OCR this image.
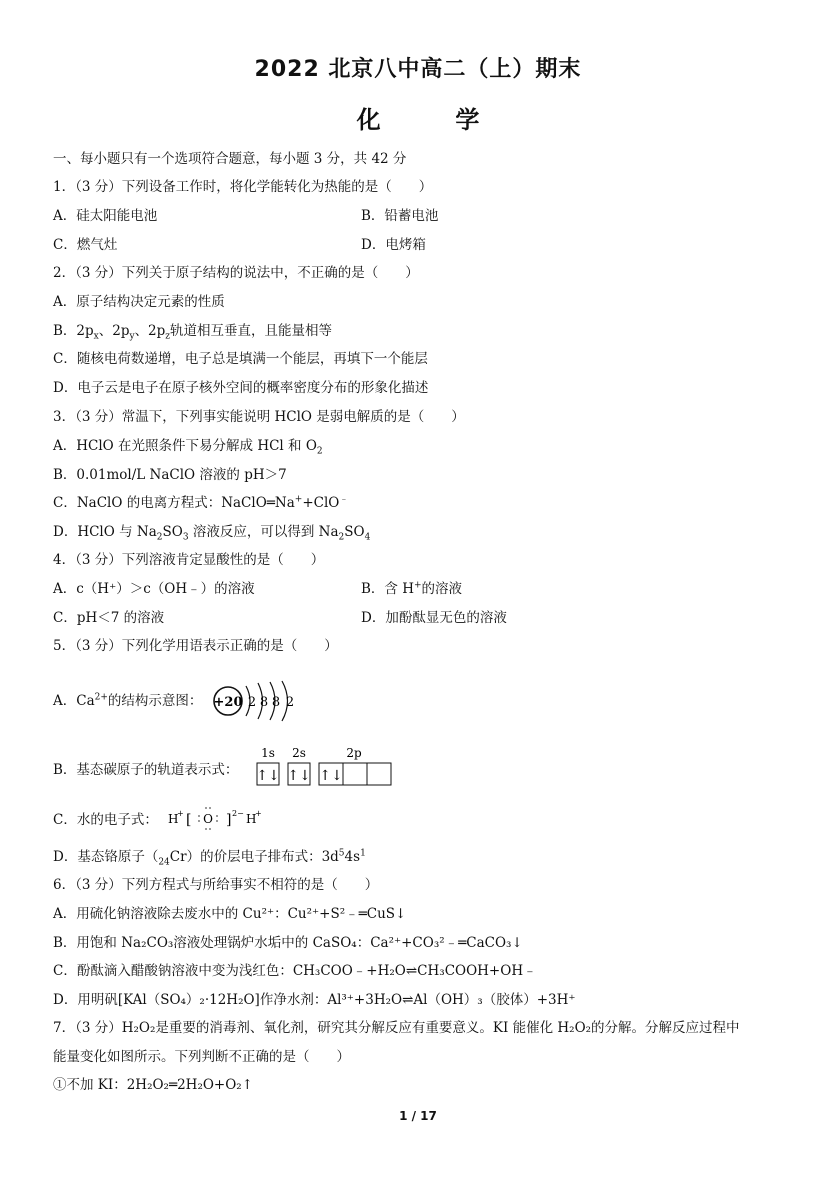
2022 北京八中高二（上）期末
化	学
一、每小题只有一个选项符合题意，每小题 3 分，共 42 分
1．（3 分）下列设备工作时，将化学能转化为热能的是（　　）
A．硅太阳能电池	B．铅蓄电池
C．燃气灶	D．电烤箱
2．（3 分）下列关于原子结构的说法中，不正确的是（　　）
A．原子结构决定元素的性质
B．$2p_x$、$2p_y$、$2p_z$轨道相互垂直，且能量相等
C．随核电荷数递增，电子总是填满一个能层，再填下一个能层
D．电子云是电子在原子核外空间的概率密度分布的形象化描述
3．（3 分）常温下，下列事实能说明 HClO 是弱电解质的是（　　）
A．HClO 在光照条件下易分解成 HCl 和 $O_2$
B．0.01mol/L NaClO 溶液的 pH＞7
C．NaClO 的电离方程式：NaClO═Na++ClO﹣
D．HClO 与 $Na_2SO_3$ 溶液反应，可以得到 $Na_2SO_4$
4．（3 分）下列溶液肯定显酸性的是（　　）
A．c（H⁺）＞c（OH﹣）的溶液	B．含 H+的溶液
C．pH＜7 的溶液	D．加酚酞显无色的溶液
5．（3 分）下列化学用语表示正确的是（　　）
A．$Ca^{2+}$的结构示意图： +20 2 8 8 2
B．基态碳原子的轨道表示式：
1s 2s	2p
↑↓ ↑↓ ↑↓
C．水的电子式： H
+ [ O ] 2− H
+
D．基态铬原子$(_{24}Cr)$的价层电子排布式：$3d^54s^1$
6．（3 分）下列方程式与所给事实不相符的是（　　）
A．用硫化钠溶液除去废水中的 Cu²⁺：Cu²⁺+S²﹣═CuS↓
B．用饱和 Na₂CO₃溶液处理锅炉水垢中的 CaSO₄：Ca²⁺+CO₃²﹣═CaCO₃↓
C．酚酞滴入醋酸钠溶液中变为浅红色：CH₃COO﹣+H₂O⇌CH₃COOH+OH﹣
D．用明矾[KAl（SO₄）₂·12H₂O]作净水剂：Al³⁺+3H₂O⇌Al（OH）₃（胶体）+3H⁺
7．（3 分）H₂O₂是重要的消毒剂、氧化剂，研究其分解反应有重要意义。KI 能催化 H₂O₂的分解。分解反应过程中
能量变化如图所示。下列判断不正确的是（　　）
①不加 KI：2H₂O₂═2H₂O+O₂↑
1 / 17
